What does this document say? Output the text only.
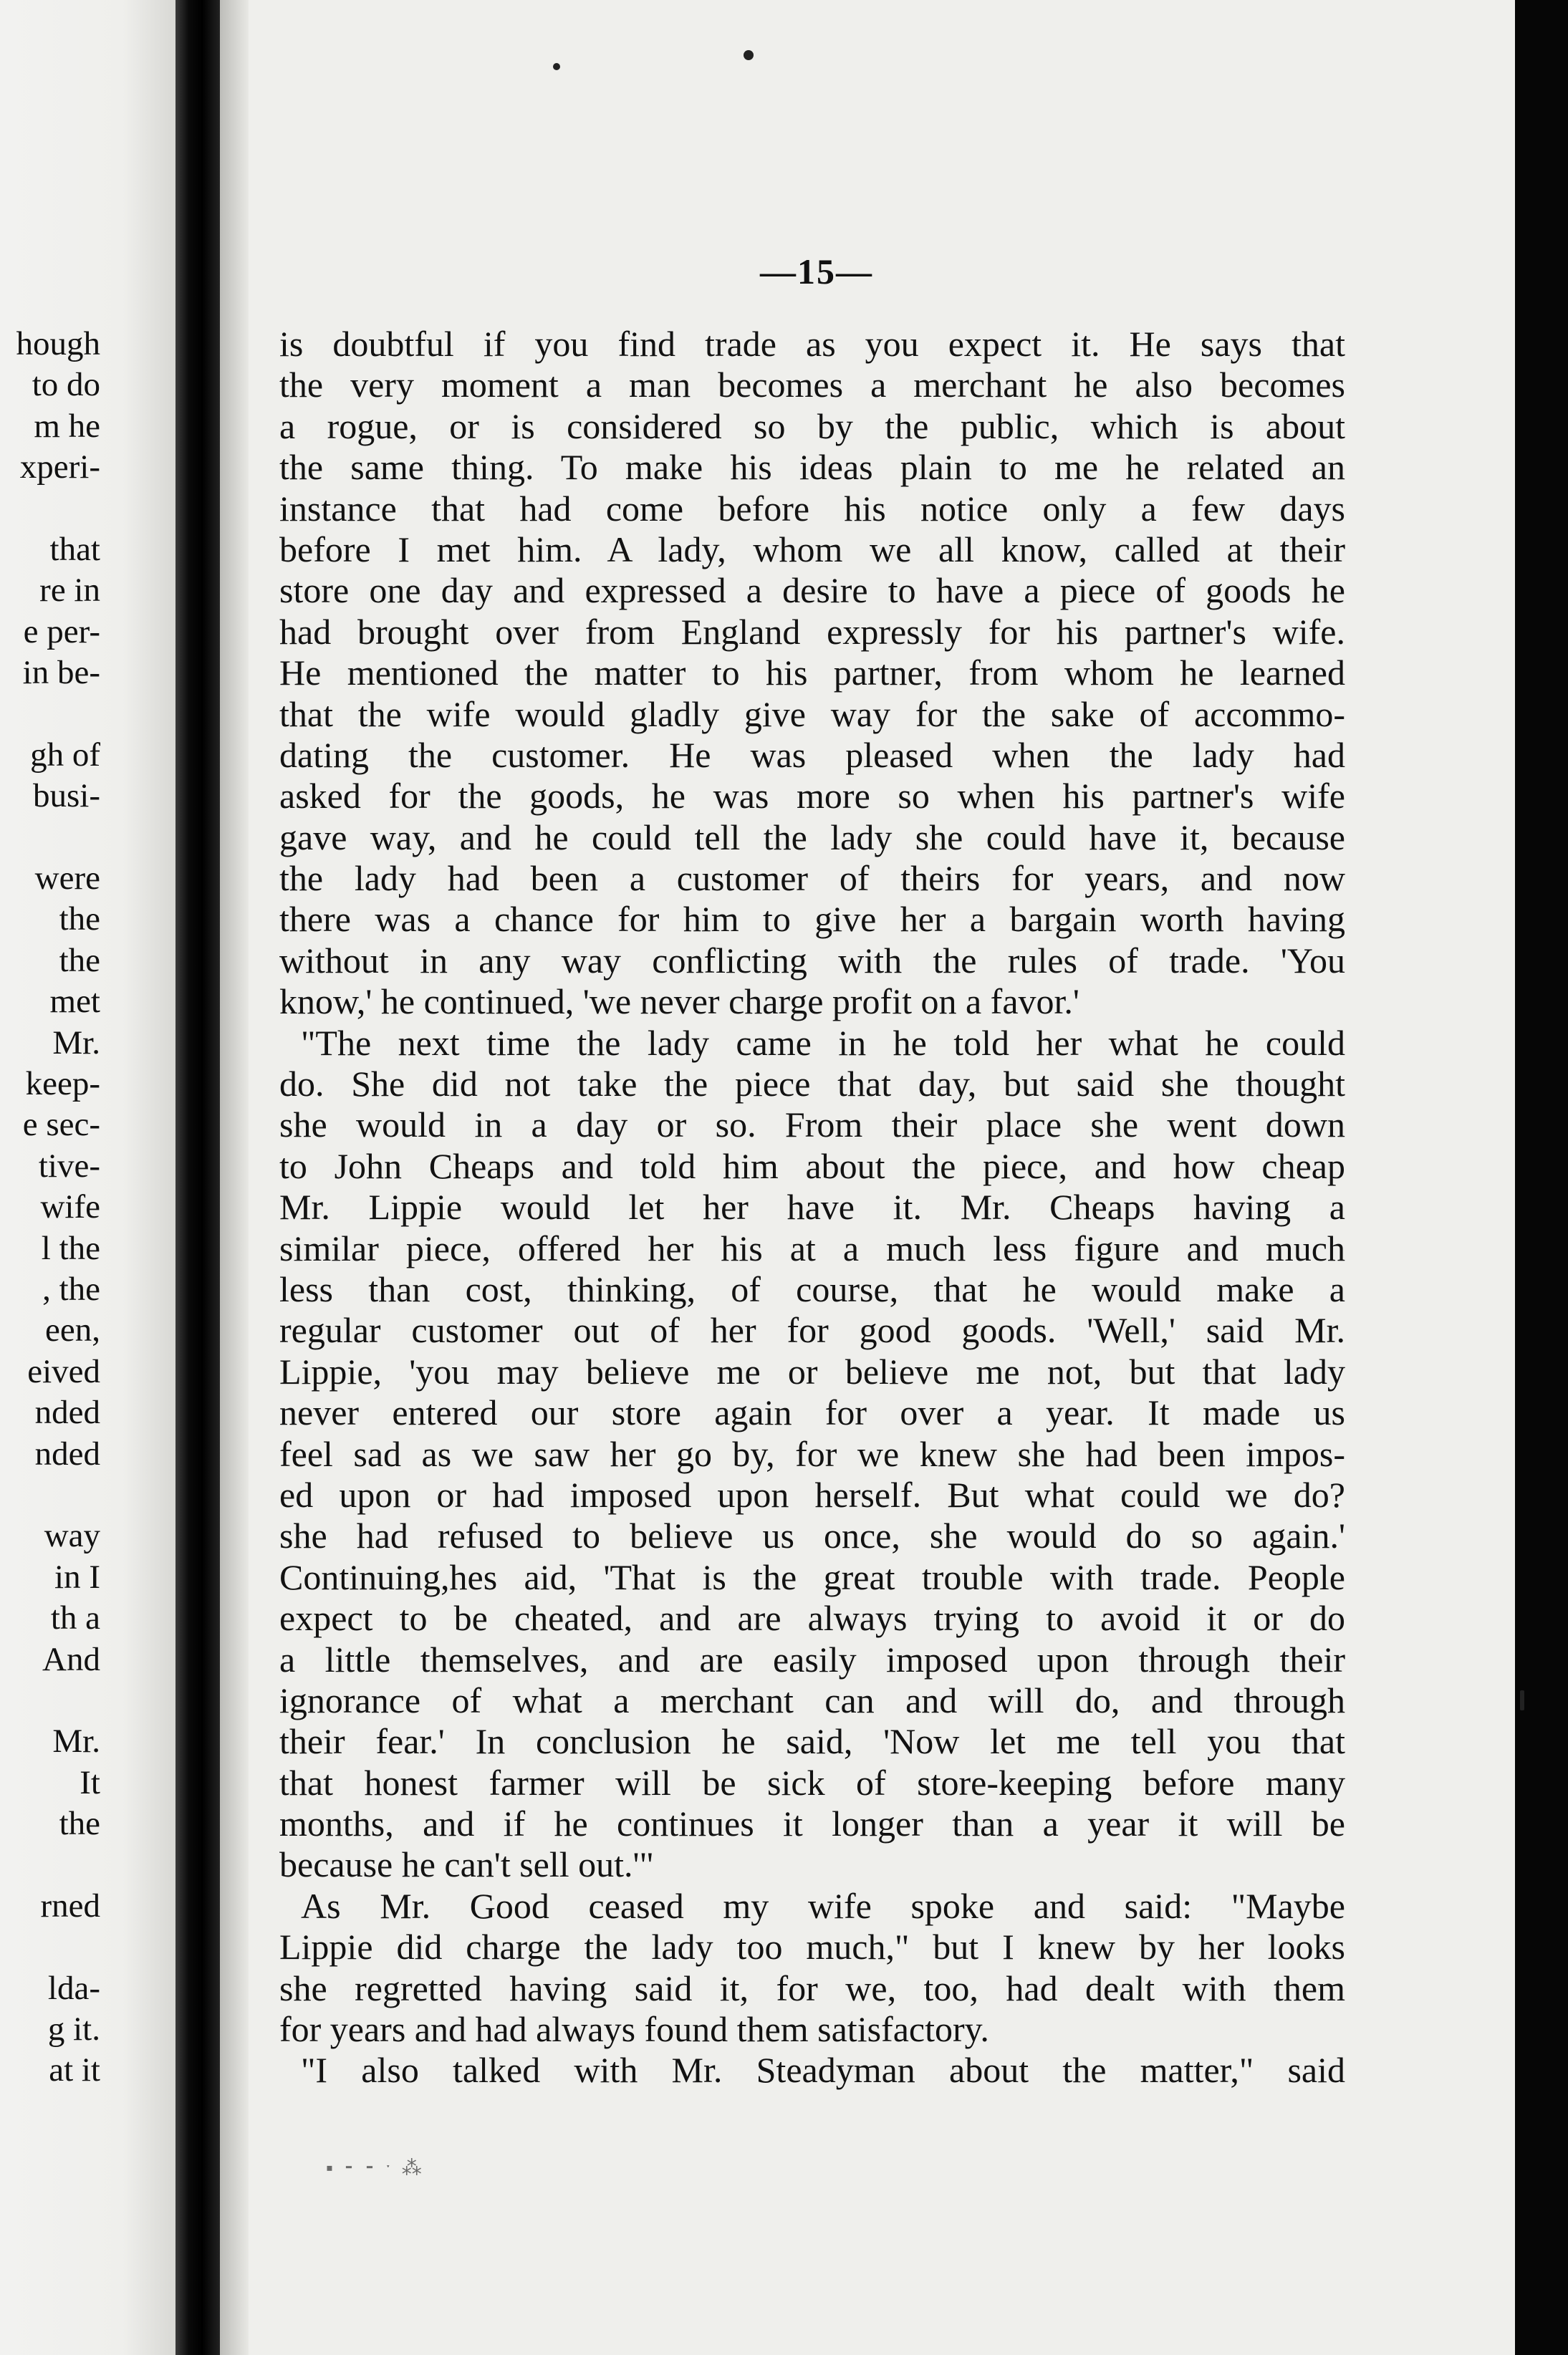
hough
to do
m he
xperi-
that
re in
e per-
in be-
gh of
busi-
were
the
the
met
Mr.
keep-
e sec-
tive-
wife
l the
, the
een,
eived
nded
nded
way
in I
th a
And
Mr.
It
the
rned
lda-
g it.
at it
—15—
is doubtful if you find trade as you expect it. He says that
the very moment a man becomes a merchant he also becomes
a rogue, or is considered so by the public, which is about
the same thing. To make his ideas plain to me he related an
instance that had come before his notice only a few days
before I met him. A lady, whom we all know, called at their
store one day and expressed a desire to have a piece of goods he
had brought over from England expressly for his partner's wife.
He mentioned the matter to his partner, from whom he learned
that the wife would gladly give way for the sake of accommo-
dating the customer. He was pleased when the lady had
asked for the goods, he was more so when his partner's wife
gave way, and he could tell the lady she could have it, because
the lady had been a customer of theirs for years, and now
there was a chance for him to give her a bargain worth having
without in any way conflicting with the rules of trade. 'You
know,' he continued, 'we never charge profit on a favor.'
"The next time the lady came in he told her what he could
do. She did not take the piece that day, but said she thought
she would in a day or so. From their place she went down
to John Cheaps and told him about the piece, and how cheap
Mr. Lippie would let her have it. Mr. Cheaps having a
similar piece, offered her his at a much less figure and much
less than cost, thinking, of course, that he would make a
regular customer out of her for good goods. 'Well,' said Mr.
Lippie, 'you may believe me or believe me not, but that lady
never entered our store again for over a year. It made us
feel sad as we saw her go by, for we knew she had been impos-
ed upon or had imposed upon herself. But what could we do?
she had refused to believe us once, she would do so again.'
Continuing,hes aid, 'That is the great trouble with trade. People
expect to be cheated, and are always trying to avoid it or do
a little themselves, and are easily imposed upon through their
ignorance of what a merchant can and will do, and through
their fear.' In conclusion he said, 'Now let me tell you that
that honest farmer will be sick of store-keeping before many
months, and if he continues it longer than a year it will be
because he can't sell out.'"
As Mr. Good ceased my wife spoke and said: "Maybe
Lippie did charge the lady too much," but I knew by her looks
she regretted having said it, for we, too, had dealt with them
for years and had always found them satisfactory.
"I also talked with Mr. Steadyman about the matter," said
▪ ⁃ ⁃ ˑ ⁂
